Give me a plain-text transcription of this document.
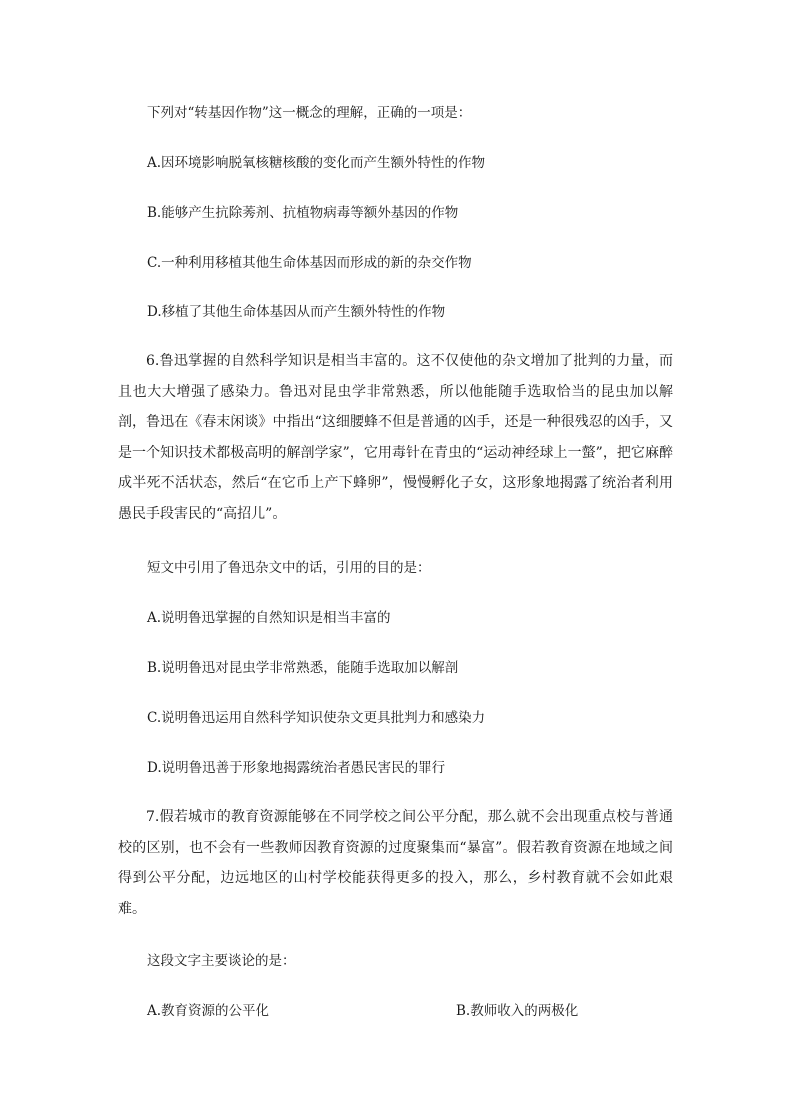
下列对“转基因作物”这一概念的理解，正确的一项是：
A.因环境影响脱氧核糖核酸的变化而产生额外特性的作物
B.能够产生抗除莠剂、抗植物病毒等额外基因的作物
C.一种利用移植其他生命体基因而形成的新的杂交作物
D.移植了其他生命体基因从而产生额外特性的作物
6.鲁迅掌握的自然科学知识是相当丰富的。这不仅使他的杂文增加了批判的力量，而且也大大增强了感染力。鲁迅对昆虫学非常熟悉，所以他能随手选取恰当的昆虫加以解剖，鲁迅在《春末闲谈》中指出“这细腰蜂不但是普通的凶手，还是一种很残忍的凶手，又是一个知识技术都极高明的解剖学家”，它用毒针在青虫的“运动神经球上一螫”，把它麻醉成半死不活状态，然后“在它币上产下蜂卵”，慢慢孵化子女，这形象地揭露了统治者利用愚民手段害民的“高招儿”。
短文中引用了鲁迅杂文中的话，引用的目的是：
A.说明鲁迅掌握的自然知识是相当丰富的
B.说明鲁迅对昆虫学非常熟悉，能随手选取加以解剖
C.说明鲁迅运用自然科学知识使杂文更具批判力和感染力
D.说明鲁迅善于形象地揭露统治者愚民害民的罪行
7.假若城市的教育资源能够在不同学校之间公平分配，那么就不会出现重点校与普通校的区别，也不会有一些教师因教育资源的过度聚集而“暴富”。假若教育资源在地域之间得到公平分配，边远地区的山村学校能获得更多的投入，那么，乡村教育就不会如此艰难。
这段文字主要谈论的是：
A.教育资源的公平化	B.教师收入的两极化
